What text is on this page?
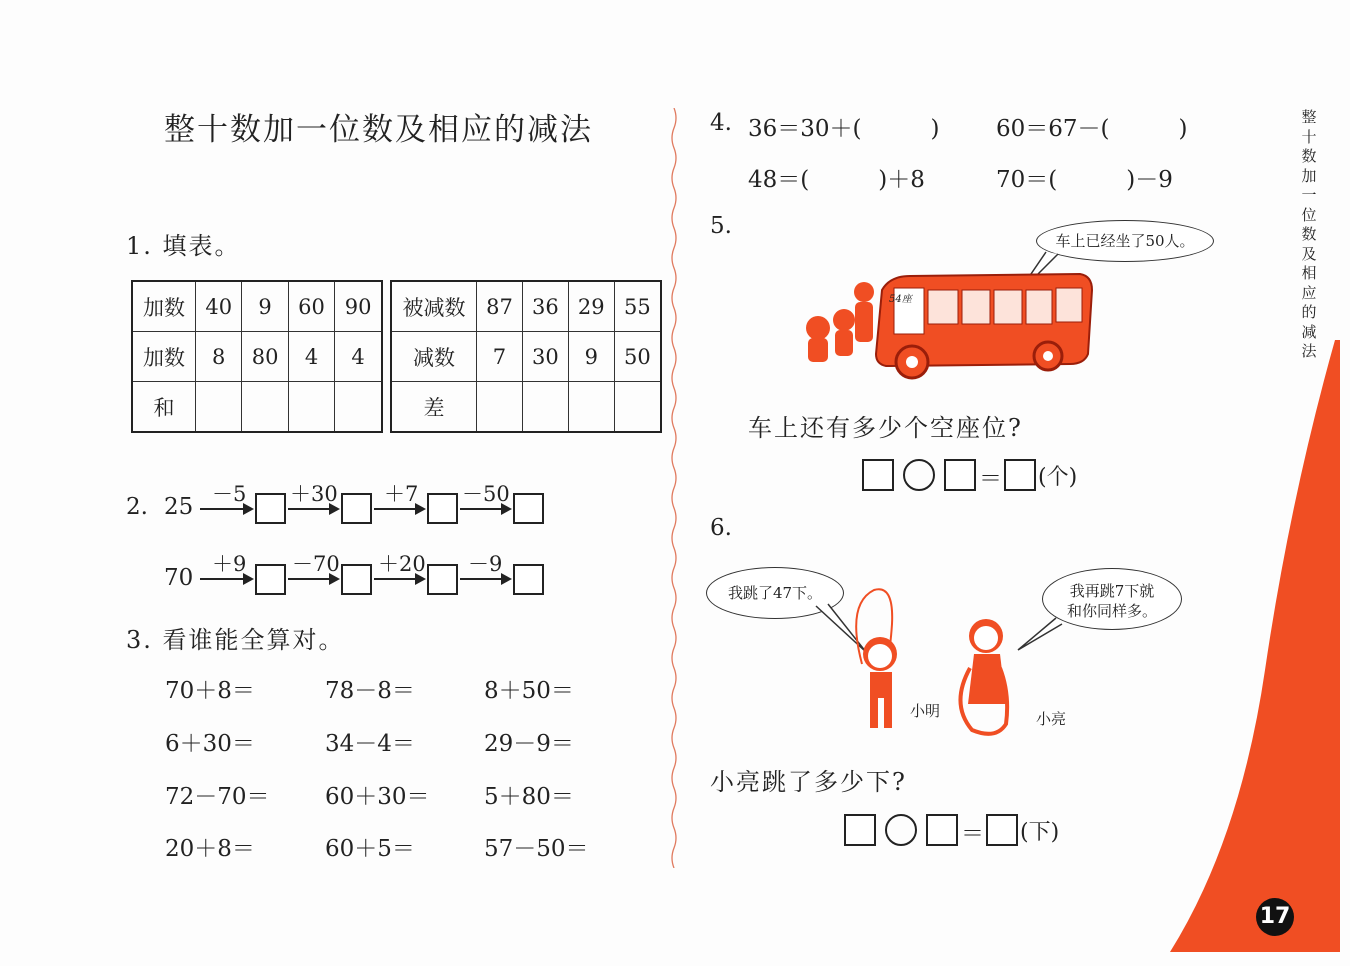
整十数加一位数及相应的减法	整十数加一位数及相应的减法
17
1. 填表。
加数	40	9	60	90
加数	8	80	4	4
和				
被减数	87	36	29	55
减数	7	30	9	50
差				
2. 25 －5 ＋30 ＋7 －50
70
＋9 －70 ＋20 －9
3. 看谁能全算对。
70＋8＝	78－8＝	8＋50＝
6＋30＝	34－4＝	29－9＝
72－70＝ 60＋30＝ 5＋80＝
20＋8＝	60＋5＝	57－50＝
4. 36＝30＋(　　　) 60＝67－(　　　)
48＝(　　　)＋8	70＝(　　　)－9
5.
车上已经坐了50人。
54座
车上还有多少个空座位?
＝ (个)
6.
我跳了47下。	我再跳7下就
和你同样多。
小明	小亮
小亮跳了多少下?
＝ (下)
